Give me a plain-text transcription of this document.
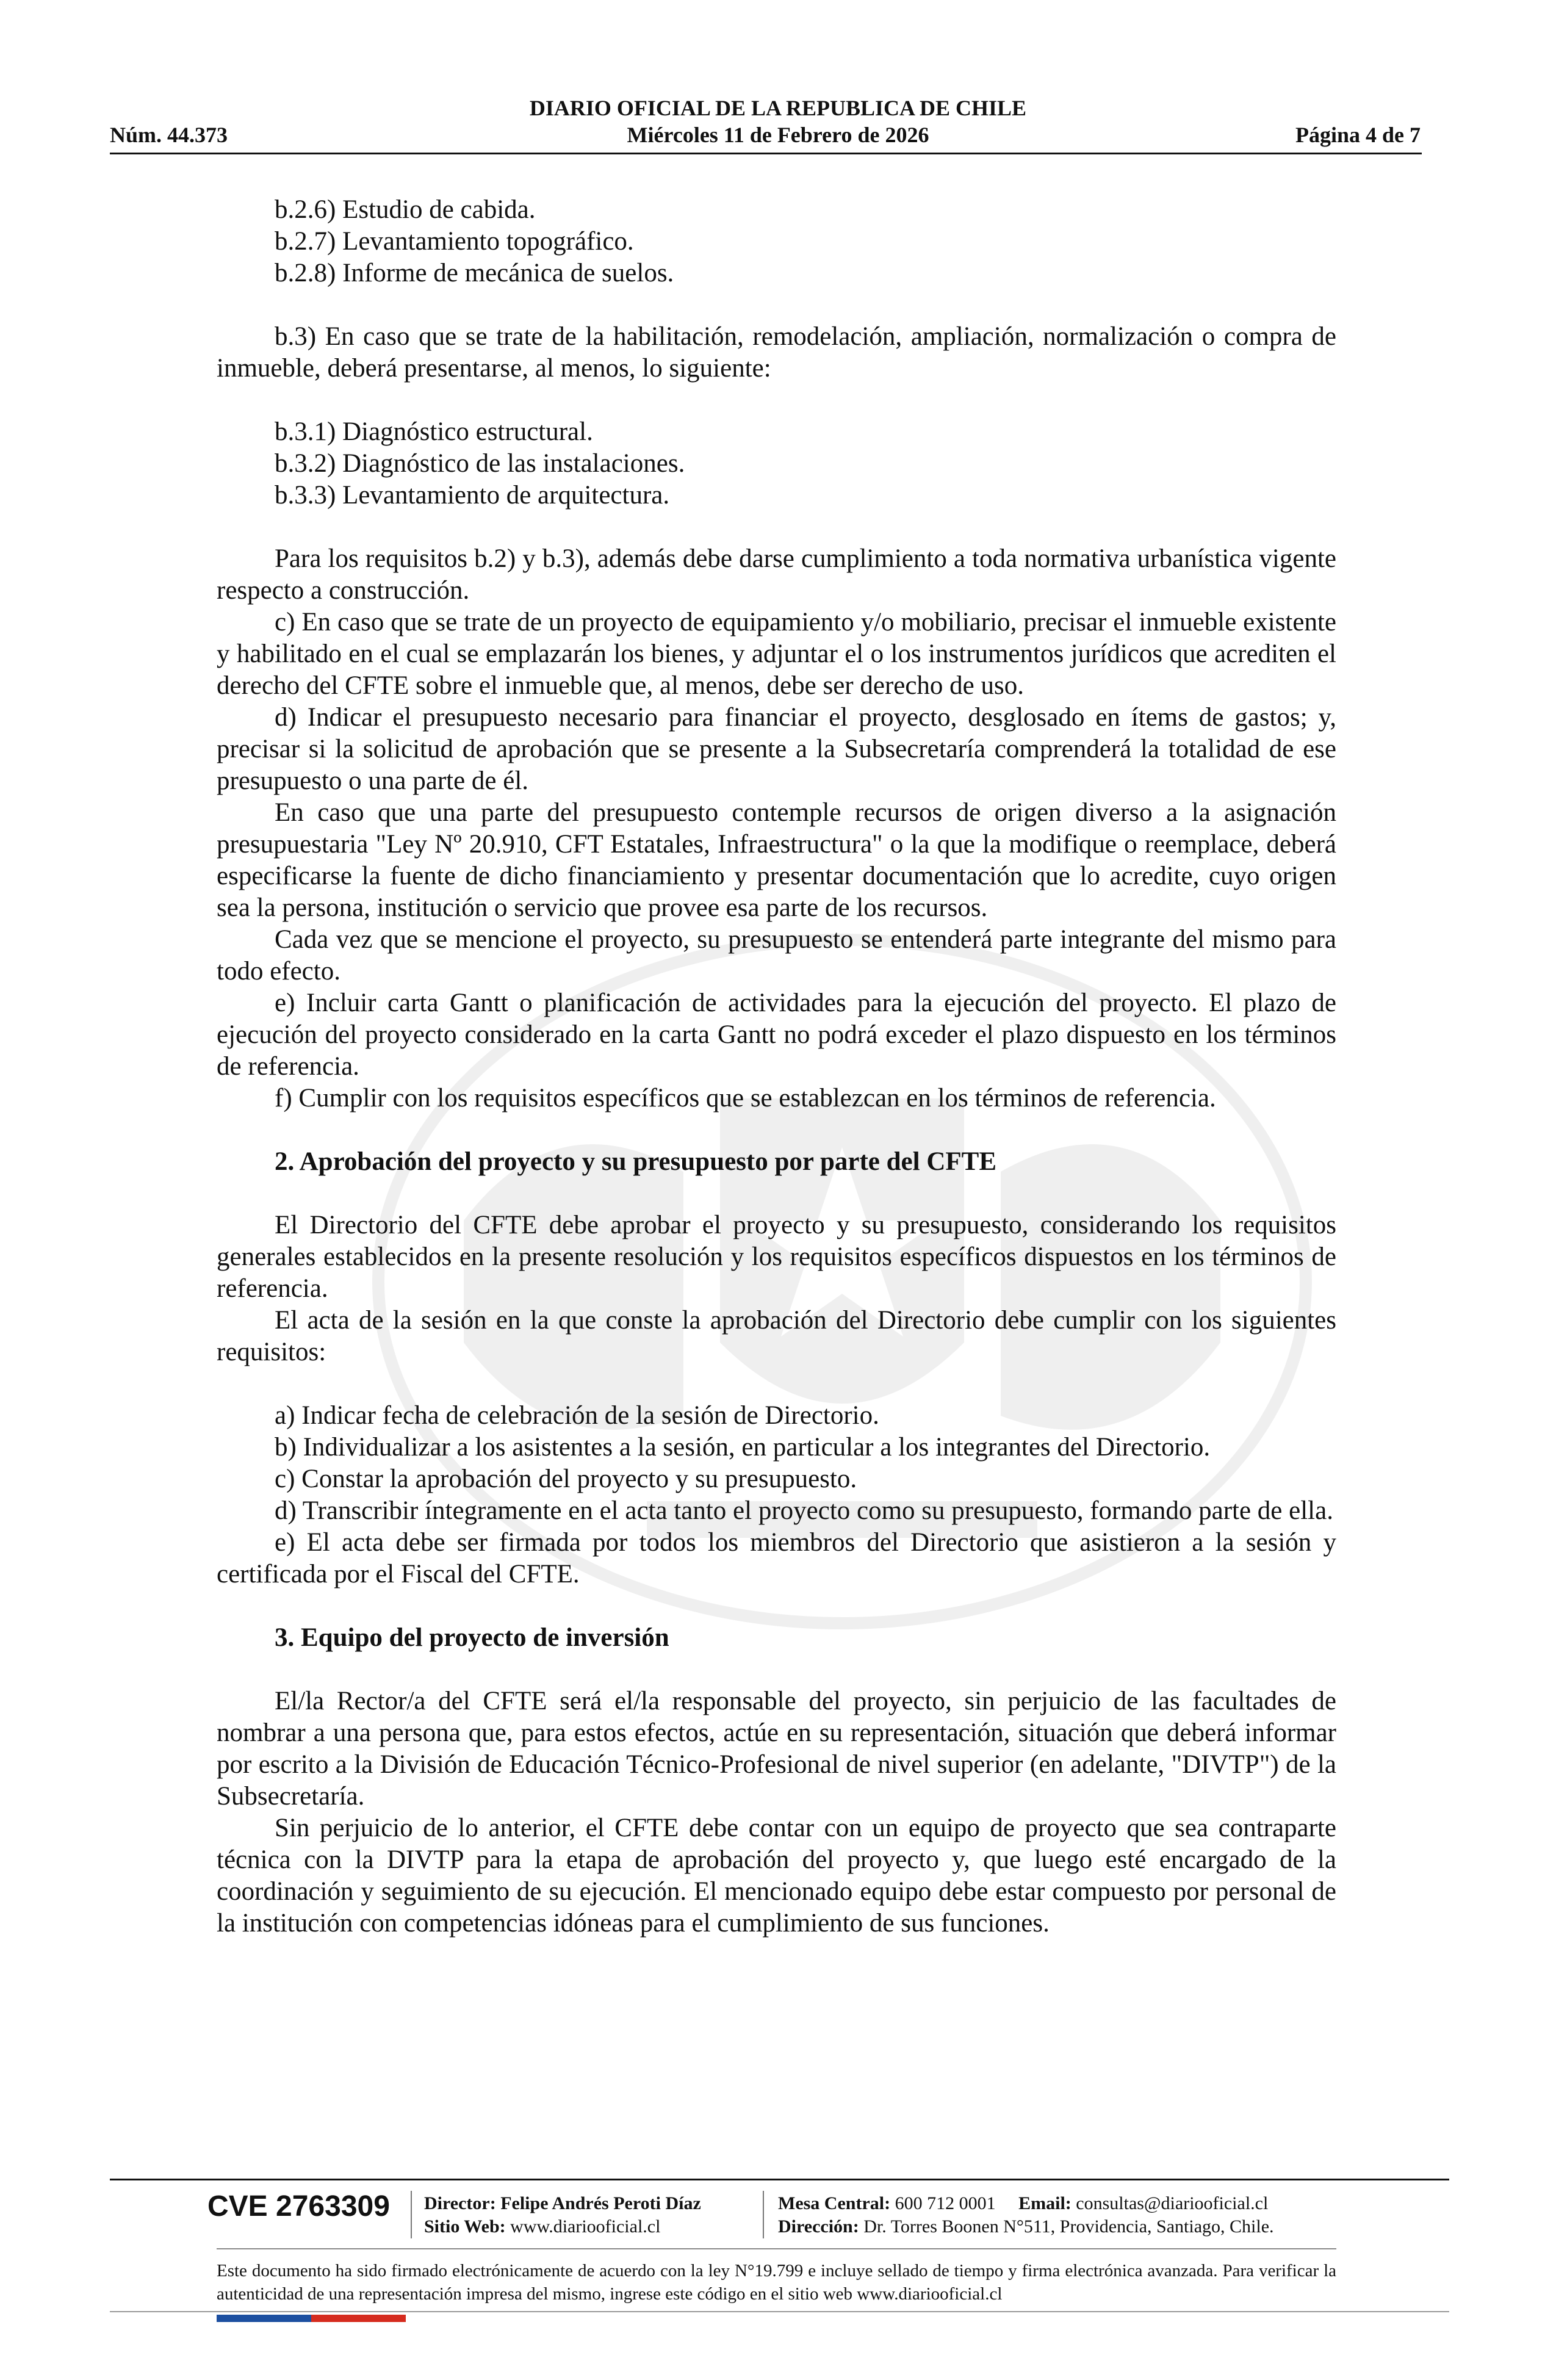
Núm. 44.373
DIARIO OFICIAL DE LA REPUBLICA DE CHILE
Miércoles 11 de Febrero de 2026	Página 4 de 7

b.2.6) Estudio de cabida.

b.2.7) Levantamiento topográfico.

b.2.8) Informe de mecánica de suelos.

b.3) En caso que se trate de la habilitación, remodelación, ampliación, normalización o compra de inmueble, deberá presentarse, al menos, lo siguiente:

b.3.1) Diagnóstico estructural.

b.3.2) Diagnóstico de las instalaciones.

b.3.3) Levantamiento de arquitectura.

Para los requisitos b.2) y b.3), además debe darse cumplimiento a toda normativa urbanística vigente respecto a construcción.

c) En caso que se trate de un proyecto de equipamiento y/o mobiliario, precisar el inmueble existente y habilitado en el cual se emplazarán los bienes, y adjuntar el o los instrumentos jurídicos que acrediten el derecho del CFTE sobre el inmueble que, al menos, debe ser derecho de uso.

d) Indicar el presupuesto necesario para financiar el proyecto, desglosado en ítems de gastos; y, precisar si la solicitud de aprobación que se presente a la Subsecretaría comprenderá la totalidad de ese presupuesto o una parte de él.

En caso que una parte del presupuesto contemple recursos de origen diverso a la asignación presupuestaria "Ley Nº 20.910, CFT Estatales, Infraestructura" o la que la modifique o reemplace, deberá especificarse la fuente de dicho financiamiento y presentar documentación que lo acredite, cuyo origen sea la persona, institución o servicio que provee esa parte de los recursos.

Cada vez que se mencione el proyecto, su presupuesto se entenderá parte integrante del mismo para todo efecto.

e) Incluir carta Gantt o planificación de actividades para la ejecución del proyecto. El plazo de ejecución del proyecto considerado en la carta Gantt no podrá exceder el plazo dispuesto en los términos de referencia.

f) Cumplir con los requisitos específicos que se establezcan en los términos de referencia.

2. Aprobación del proyecto y su presupuesto por parte del CFTE

El Directorio del CFTE debe aprobar el proyecto y su presupuesto, considerando los requisitos generales establecidos en la presente resolución y los requisitos específicos dispuestos en los términos de referencia.

El acta de la sesión en la que conste la aprobación del Directorio debe cumplir con los siguientes requisitos:

a) Indicar fecha de celebración de la sesión de Directorio.

b) Individualizar a los asistentes a la sesión, en particular a los integrantes del Directorio.

c) Constar la aprobación del proyecto y su presupuesto.

d) Transcribir íntegramente en el acta tanto el proyecto como su presupuesto, formando parte de ella.

e) El acta debe ser firmada por todos los miembros del Directorio que asistieron a la sesión y certificada por el Fiscal del CFTE.

3. Equipo del proyecto de inversión

El/la Rector/a del CFTE será el/la responsable del proyecto, sin perjuicio de las facultades de nombrar a una persona que, para estos efectos, actúe en su representación, situación que deberá informar por escrito a la División de Educación Técnico-Profesional de nivel superior (en adelante, "DIVTP") de la Subsecretaría.

Sin perjuicio de lo anterior, el CFTE debe contar con un equipo de proyecto que sea contraparte técnica con la DIVTP para la etapa de aprobación del proyecto y, que luego esté encargado de la coordinación y seguimiento de su ejecución. El mencionado equipo debe estar compuesto por personal de la institución con competencias idóneas para el cumplimiento de sus funciones.

CVE 2763309 Director: Felipe Andrés Peroti Díaz
Sitio Web: www.diariooficial.cl
Mesa Central: 600 712 0001 Email: consultas@diariooficial.cl
Dirección: Dr. Torres Boonen N°511, Providencia, Santiago, Chile.
Este documento ha sido firmado electrónicamente de acuerdo con la ley N°19.799 e incluye sellado de tiempo y firma electrónica avanzada. Para verificar la autenticidad de una representación impresa del mismo, ingrese este código en el sitio web www.diariooficial.cl
